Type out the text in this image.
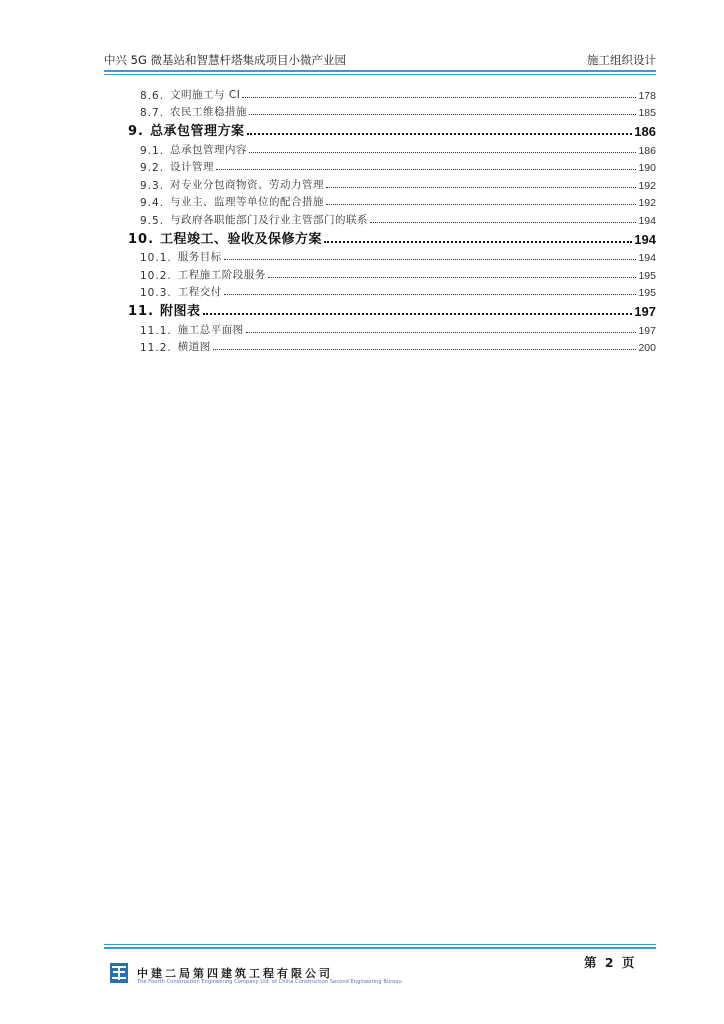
中兴 5G 微基站和智慧杆塔集成项目小微产业园	施工组织设计
8.6. 文明施工与 CI	178
8.7. 农民工维稳措施	185
9. 总承包管理方案	186
9.1. 总承包管理内容	186
9.2. 设计管理	190
9.3. 对专业分包商物资、劳动力管理	192
9.4. 与业主、监理等单位的配合措施	192
9.5. 与政府各职能部门及行业主管部门的联系	194
10. 工程竣工、验收及保修方案	194
10.1. 服务目标	194
10.2. 工程施工阶段服务	195
10.3. 工程交付	195
11. 附图表	197
11.1. 施工总平面图	197
11.2. 横道图	200
第 2 页
中建二局第四建筑工程有限公司
The Fourth Construction Engineering Company Ltd. of China Construction Second Engineering Bureau
